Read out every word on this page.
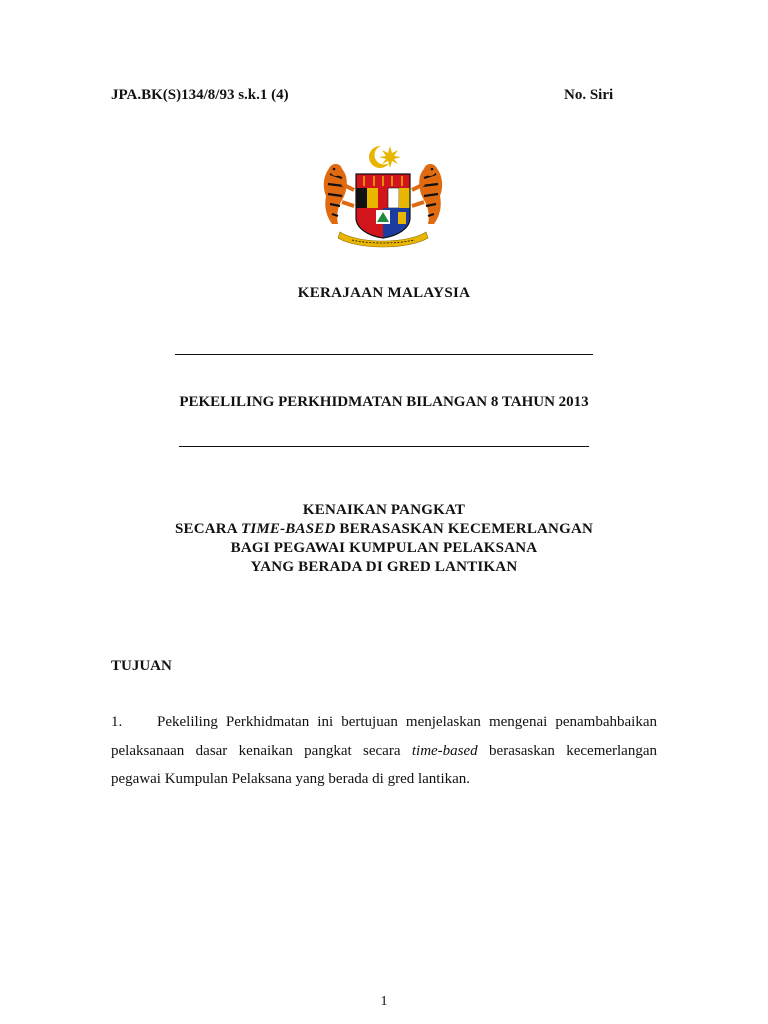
JPA.BK(S)134/8/93 s.k.1 (4)	No. Siri
KERAJAAN MALAYSIA
PEKELILING PERKHIDMATAN BILANGAN 8 TAHUN 2013
KENAIKAN PANGKAT
SECARA TIME-BASED BERASASKAN KECEMERLANGAN
BAGI PEGAWAI KUMPULAN PELAKSANA
YANG BERADA DI GRED LANTIKAN
TUJUAN
1. Pekeliling Perkhidmatan ini bertujuan menjelaskan mengenai penambahbaikan pelaksanaan dasar kenaikan pangkat secara time-based berasaskan kecemerlangan pegawai Kumpulan Pelaksana yang berada di gred lantikan.
1
